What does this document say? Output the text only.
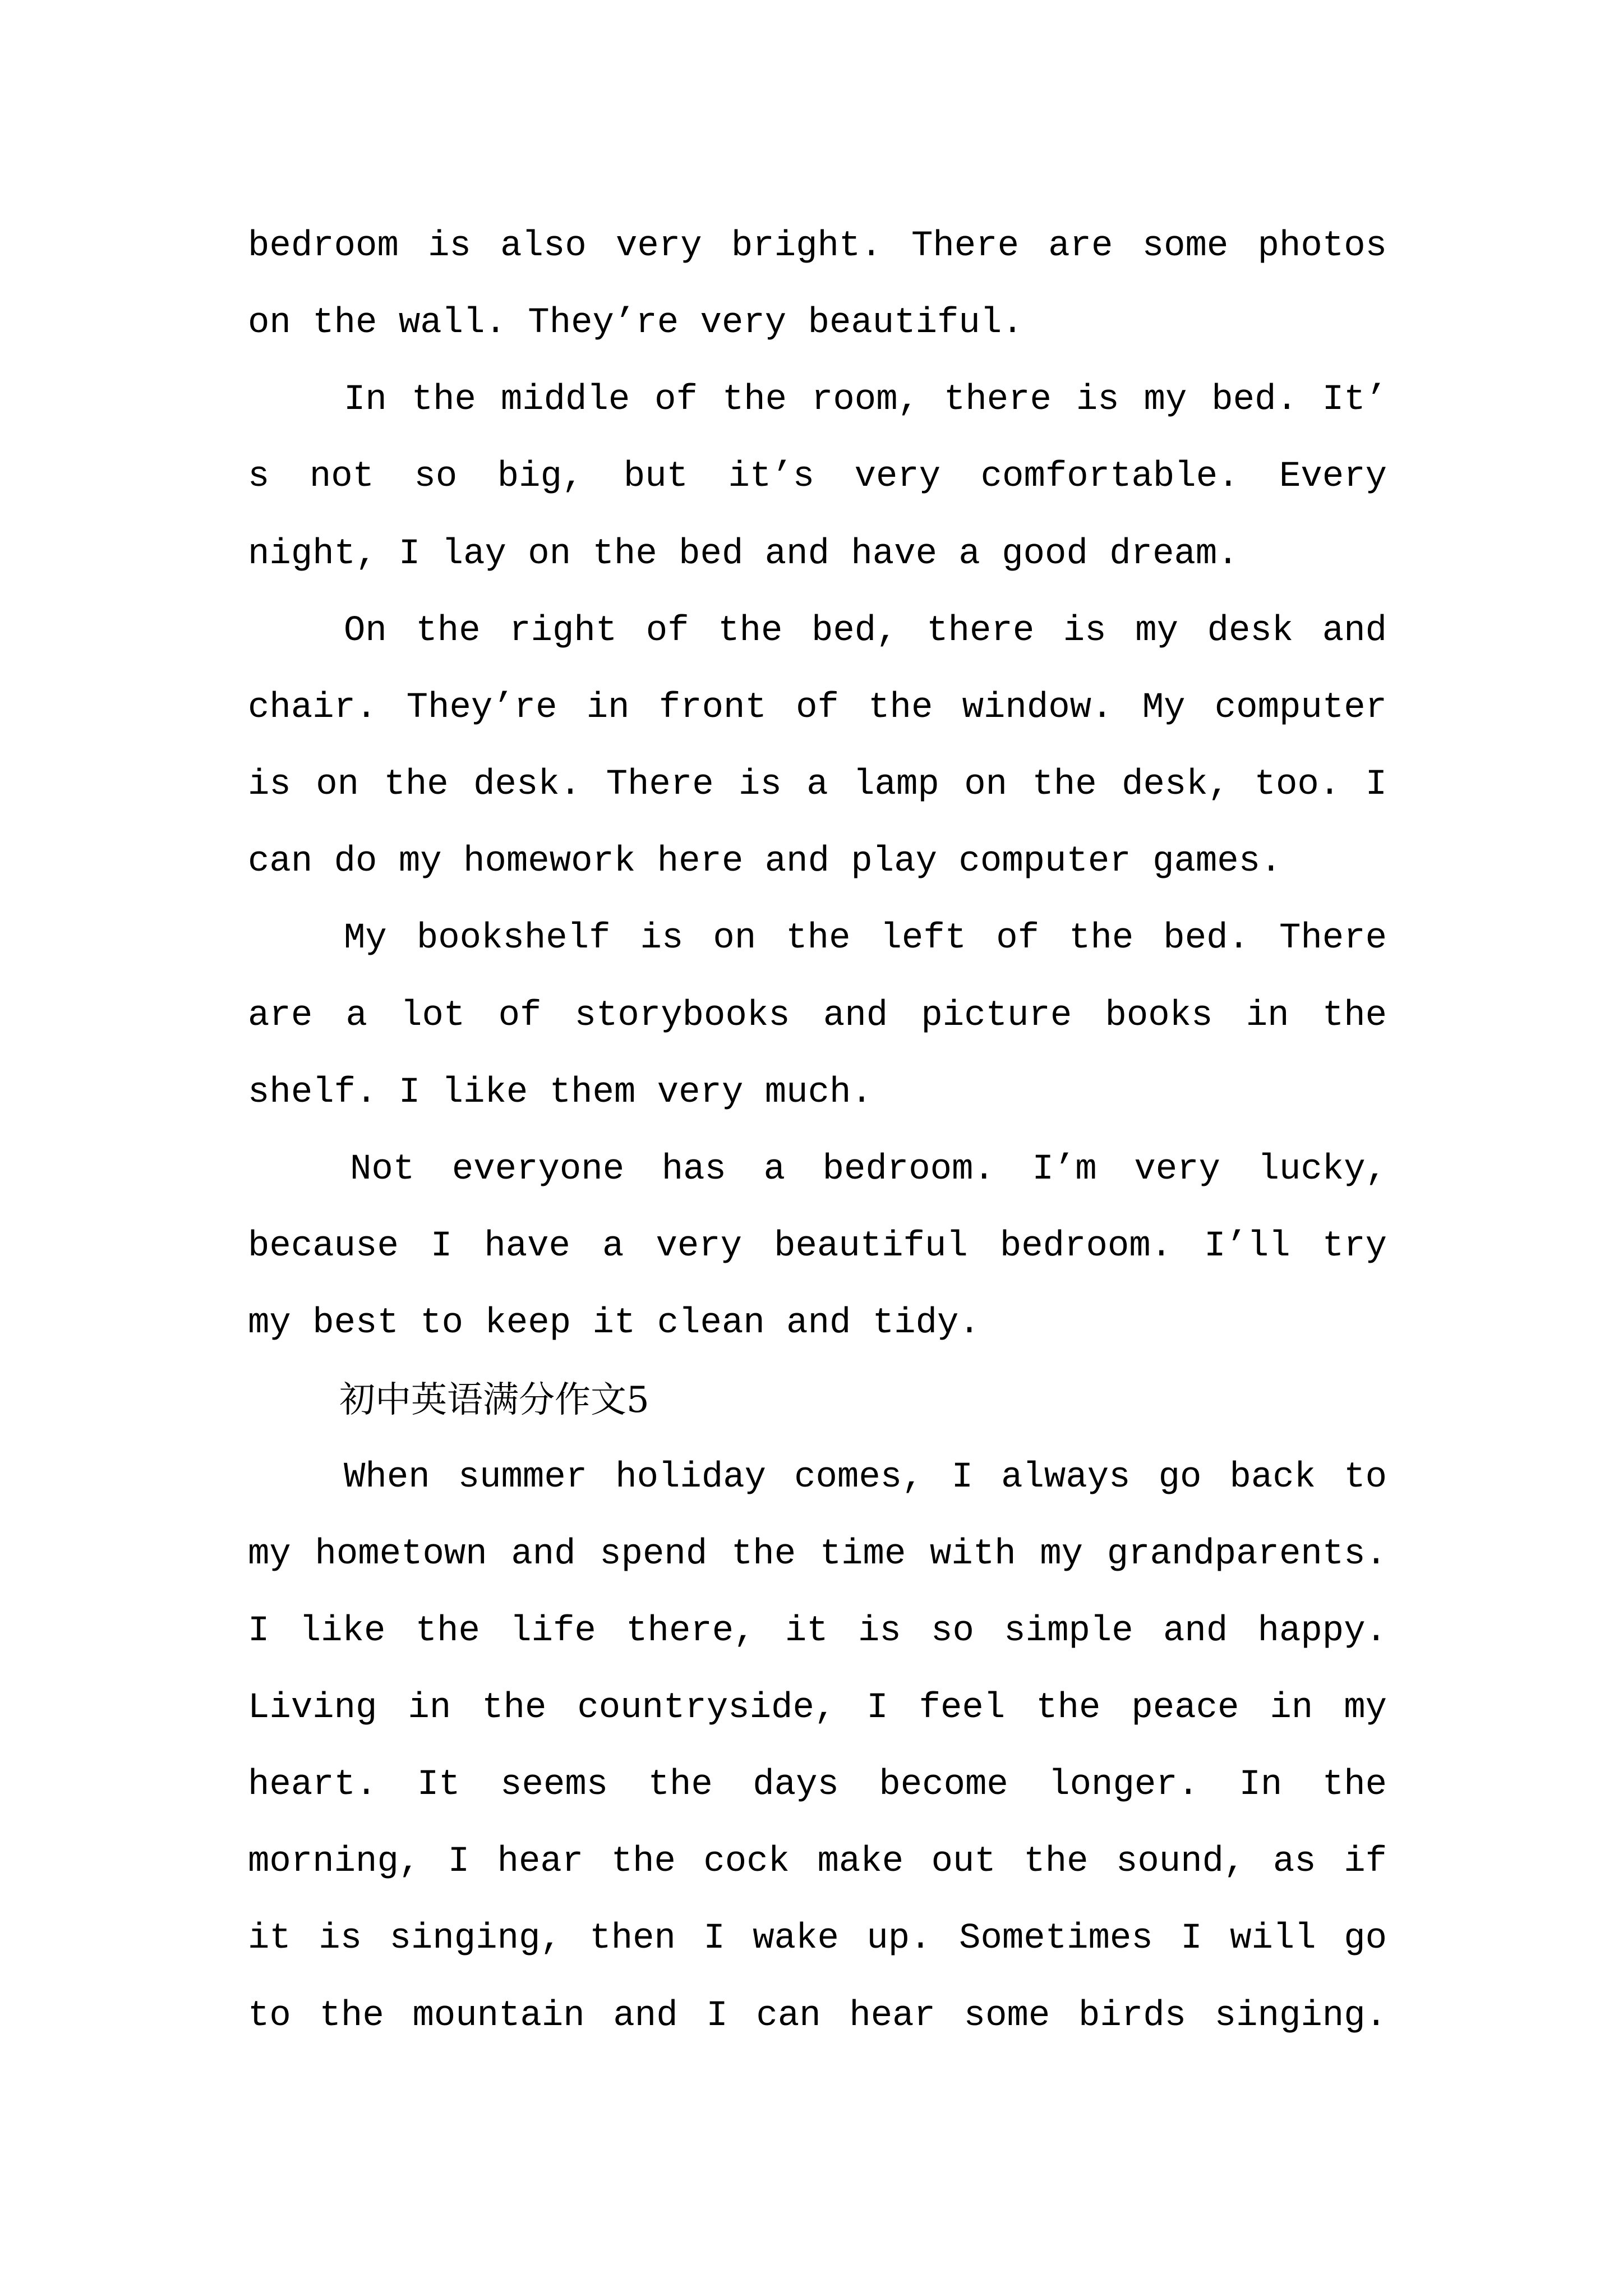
bedroom is also very bright. There are some photos
on the wall. They’re very beautiful.
In the middle of the room, there is my bed. It’
s not so big, but it’s very comfortable. Every
night, I lay on the bed and have a good dream.
On the right of the bed, there is my desk and
chair. They’re in front of the window. My computer
is on the desk. There is a lamp on the desk, too. I
can do my homework here and play computer games.
My bookshelf is on the left of the bed. There
are a lot of storybooks and picture books in the
shelf. I like them very much.
Not everyone has a bedroom. I’m very lucky,
because I have a very beautiful bedroom. I’ll try
my best to keep it clean and tidy.
初中英语满分作文5
When summer holiday comes, I always go back to
my hometown and spend the time with my grandparents.
I like the life there, it is so simple and happy.
Living in the countryside, I feel the peace in my
heart. It seems the days become longer. In the
morning, I hear the cock make out the sound, as if
it is singing, then I wake up. Sometimes I will go
to the mountain and I can hear some birds singing.
